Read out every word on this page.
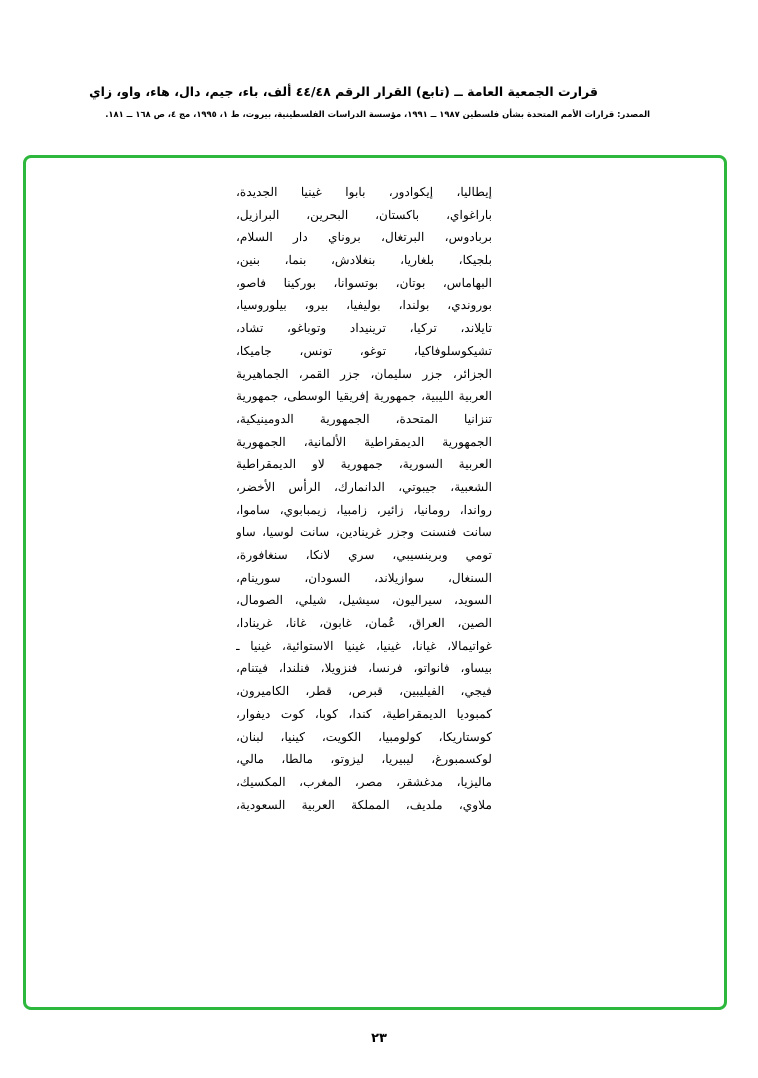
قرارت الجمعية العامة ــ (تابع) القرار الرقم ٤٤/٤٨ ألف، باء، جيم، دال، هاء، واو، زاي
المصدر: قرارات الأمم المتحدة بشأن فلسطين ١٩٨٧ ــ ١٩٩١، مؤسسة الدراسات الفلسطينية، بيروت، ط ١، ١٩٩٥، مج ٤، ص ١٦٨ ــ ١٨١.
إيطاليا، إيكوادور، بابوا غينيا الجديدة،
باراغواي، باكستان، البحرين، البرازيل،
بربادوس، البرتغال، بروناي دار السلام،
بلجيكا، بلغاريا، بنغلادش، بنما، بنين،
البهاماس، بوتان، بوتسوانا، بوركينا فاصو،
بوروندي، بولندا، بوليفيا، بيرو، بيلوروسيا،
تايلاند، تركيا، ترينيداد وتوباغو، تشاد،
تشيكوسلوفاكيا، توغو، تونس، جاميكا،
الجزائر، جزر سليمان، جزر القمر، الجماهيرية
العربية الليبية، جمهورية إفريقيا الوسطى، جمهورية
تنزانيا المتحدة، الجمهورية الدومينيكية،
الجمهورية الديمقراطية الألمانية، الجمهورية
العربية السورية، جمهورية لاو الديمقراطية
الشعبية، جيبوتي، الدانمارك، الرأس الأخضر،
رواندا، رومانيا، زائير، زامبيا، زيمبابوي، ساموا،
سانت فنسنت وجزر غرينادين، سانت لوسيا، ساو
تومي وبرينسيبي، سري لانكا، سنغافورة،
السنغال، سوازيلاند، السودان، سورينام،
السويد، سيراليون، سيشيل، شيلي، الصومال،
الصين، العراق، عُمان، غابون، غانا، غرينادا،
غواتيمالا، غيانا، غينيا، غينيا الاستوائية، غينيا ـ
بيساو، فانواتو، فرنسا، فنزويلا، فنلندا، فيتنام،
فيجي، الفيليبين، قبرص، قطر، الكاميرون،
كمبوديا الديمقراطية، كندا، كوبا، كوت ديفوار،
كوستاريكا، كولومبيا، الكويت، كينيا، لبنان،
لوكسمبورغ، ليبيريا، ليزوتو، مالطا، مالي،
ماليزيا، مدغشقر، مصر، المغرب، المكسيك،
ملاوي، ملديف، المملكة العربية السعودية،
٢٣
